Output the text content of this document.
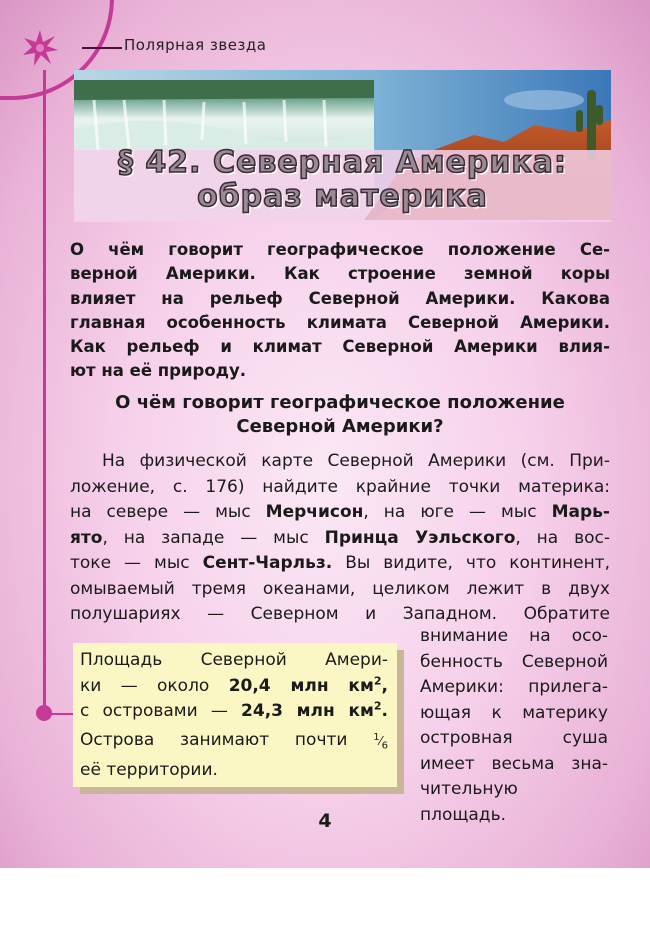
Полярная звезда
§ 42. Северная Америка:
образ материка
О чём говорит географическое положение Се-
верной Америки. Как строение земной коры
влияет на рельеф Северной Америки. Какова
главная особенность климата Северной Америки.
Как рельеф и климат Северной Америки влия-
ют на её природу.
О чём говорит географическое положение
Северной Америки?

На физической карте Северной Америки (см. При-

ложение, с. 176) найдите крайние точки материка:

на севере — мыс Мерчисон, на юге — мыс Марь-

ято, на западе — мыс Принца Уэльского, на вос-

токе — мыс Сент-Чарльз. Вы видите, что континент,

омываемый тремя океанами, целиком лежит в двух

полушариях — Северном и Западном. Обратите

внимание на осо-

бенность Северной

Америки: прилега-

ющая к материку

островная суша

имеет весьма зна-

чительную площадь.

Площадь Северной Амери-

ки — около 20,4 млн $км^2$,

с островами — 24,3 млн $км^2$.

Острова занимают почти $^1⁄_6$

её территории.

4
